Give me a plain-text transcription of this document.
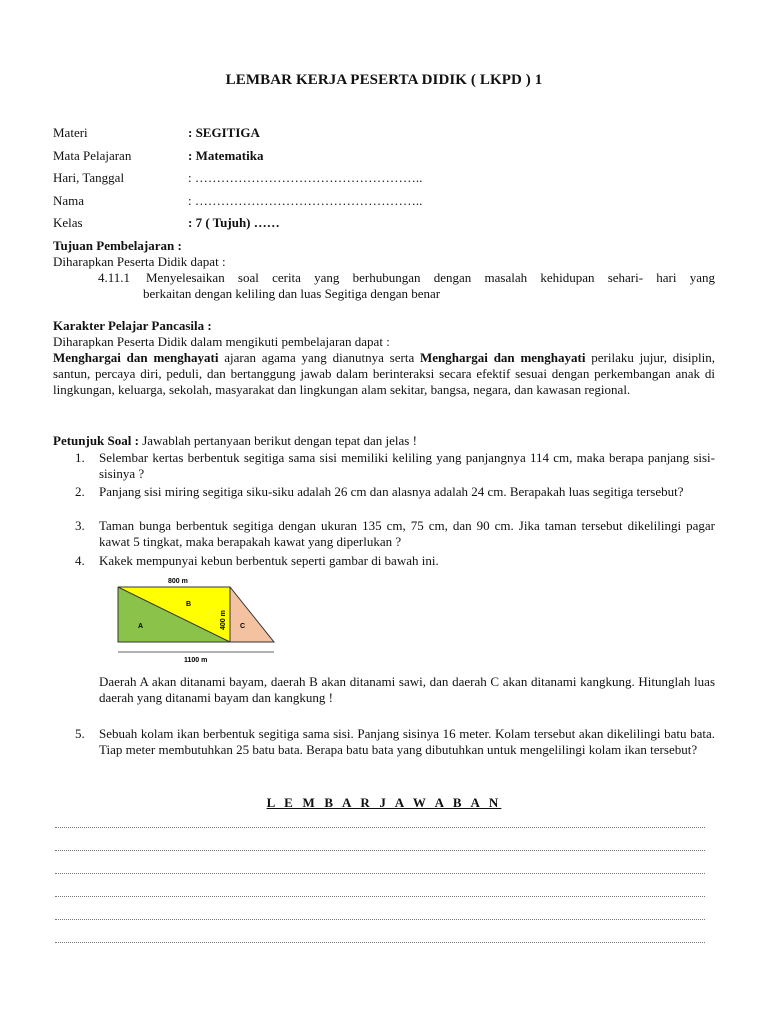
LEMBAR KERJA PESERTA DIDIK ( LKPD ) 1
Materi	: SEGITIGA
Mata Pelajaran	: Matematika
Hari, Tanggal	: ……………………………………………..
Nama	: ……………………………………………..
Kelas	: 7 ( Tujuh) ……
Tujuan Pembelajaran :
Diharapkan Peserta Didik dapat :
4.11.1 Menyelesaikan soal cerita yang berhubungan dengan masalah kehidupan sehari- hari yang
berkaitan dengan keliling dan luas Segitiga dengan benar
Karakter Pelajar Pancasila :
Diharapkan Peserta Didik dalam mengikuti pembelajaran dapat :
Menghargai dan menghayati ajaran agama yang dianutnya serta Menghargai dan menghayati perilaku jujur, disiplin, santun, percaya diri, peduli, dan bertanggung jawab dalam berinteraksi secara efektif sesuai dengan perkembangan anak di lingkungan, keluarga, sekolah, masyarakat dan lingkungan alam sekitar, bangsa, negara, dan kawasan regional.
Petunjuk Soal : Jawablah pertanyaan berikut dengan tepat dan jelas !
1. Selembar kertas berbentuk segitiga sama sisi memiliki keliling yang panjangnya 114 cm, maka berapa panjang sisi-sisinya ?
2. Panjang sisi miring segitiga siku-siku adalah 26 cm dan alasnya adalah 24 cm. Berapakah luas segitiga tersebut?
3. Taman bunga berbentuk segitiga dengan ukuran 135 cm, 75 cm, dan 90 cm. Jika taman tersebut dikelilingi pagar kawat 5 tingkat, maka berapakah kawat yang diperlukan ?
4. Kakek mempunyai kebun berbentuk seperti gambar di bawah ini.
800 m
1100 m
B
A	C
400 m
Daerah A akan ditanami bayam, daerah B akan ditanami sawi, dan daerah C akan ditanami kangkung. Hitunglah luas daerah yang ditanami bayam dan kangkung !
5. Sebuah kolam ikan berbentuk segitiga sama sisi. Panjang sisinya 16 meter. Kolam tersebut akan dikelilingi batu bata. Tiap meter membutuhkan 25 batu bata. Berapa batu bata yang dibutuhkan untuk mengelilingi kolam ikan tersebut?
L E M B A R J A W A B A N
